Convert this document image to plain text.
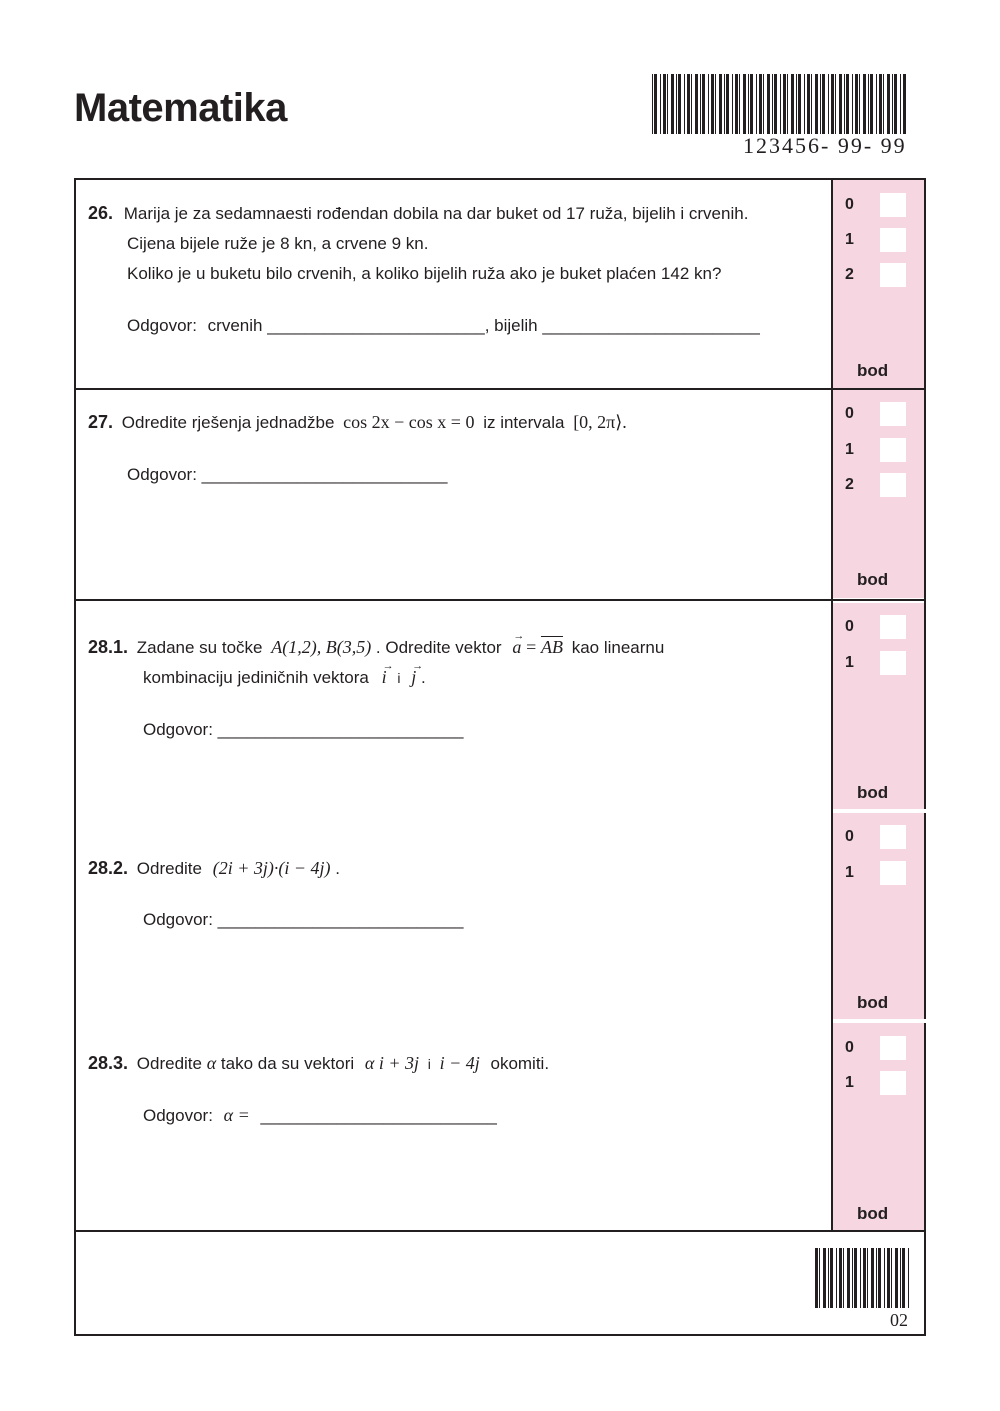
Matematika
123456- 99- 99
0
1
2
bod
0
1
2
bod
0
1
bod
0
1
bod
0
1
bod
26. Marija je za sedamnaesti rođendan dobila na dar buket od 17 ruža, bijelih i crvenih.
Cijena bijele ruže je 8 kn, a crvene 9 kn.
Koliko je u buketu bilo crvenih, a koliko bijelih ruža ako je buket plaćen 142 kn?
Odgovor: crvenih _______________________, bijelih _______________________
27. Odredite rješenja jednadžbe cos 2x − cos x = 0 iz intervala [0, 2π⟩.
Odgovor: __________________________
28.1. Zadane su točke A(1,2), B(3,5) . Odredite vektor → $a = \overline{AB}$ kao linearnu
kombinaciju jediničnih vektora → i i → j .
Odgovor: __________________________
28.2. Odredite (2i + 3j)·(i − 4j) .
Odgovor: __________________________
28.3. Odredite α tako da su vektori α i + 3j i i − 4j okomiti.
Odgovor: α = _________________________
02
